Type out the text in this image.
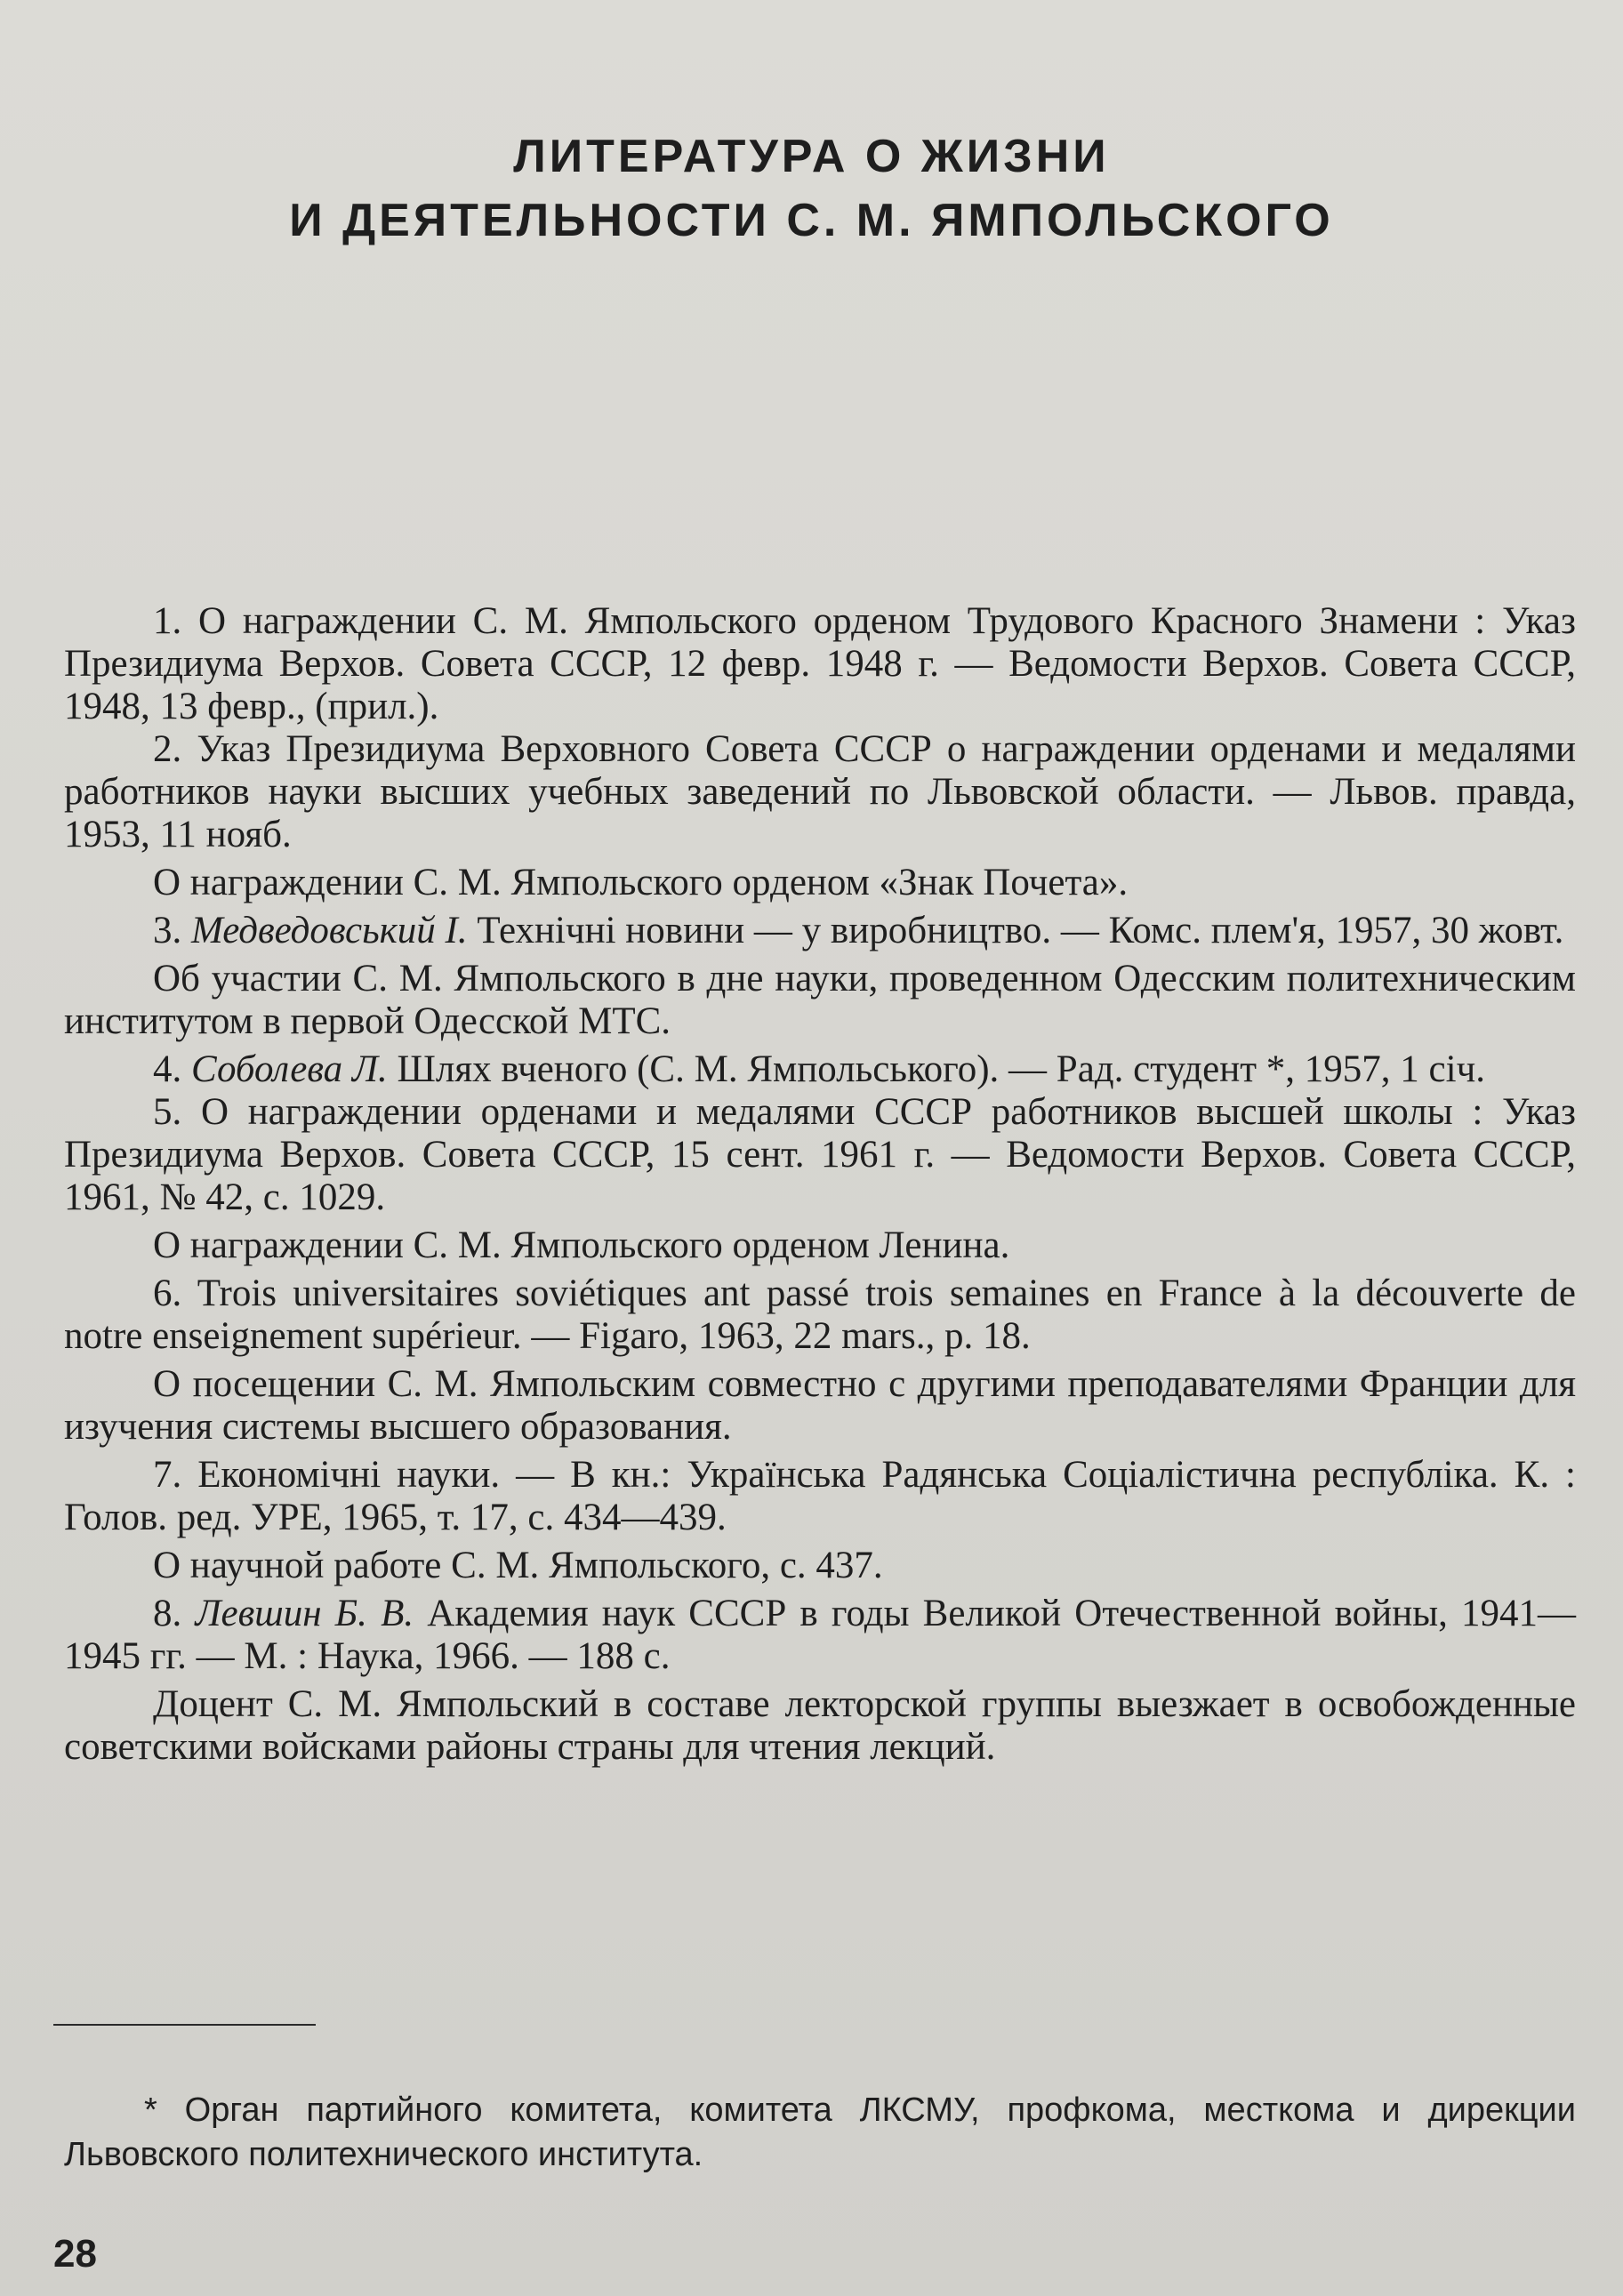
ЛИТЕРАТУРА О ЖИЗНИ
И ДЕЯТЕЛЬНОСТИ С. М. ЯМПОЛЬСКОГО

1. О награждении С. М. Ямпольского орденом Трудового Красного Знамени : Указ Президиума Верхов. Совета СССР, 12 февр. 1948 г. — Ведомости Верхов. Совета СССР, 1948, 13 февр., (прил.).

2. Указ Президиума Верховного Совета СССР о награждении орденами и медалями работников науки высших учебных заведений по Львовской области. — Львов. правда, 1953, 11 нояб.

О награждении С. М. Ямпольского орденом «Знак Почета».

3. Медведовський І. Технічні новини — у виробництво. — Комс. плем'я, 1957, 30 жовт.

Об участии С. М. Ямпольского в дне науки, проведенном Одесским политехническим институтом в первой Одесской МТС.

4. Соболева Л. Шлях вченого (С. М. Ямпольського). — Рад. студент *, 1957, 1 січ.

5. О награждении орденами и медалями СССР работников высшей школы : Указ Президиума Верхов. Совета СССР, 15 сент. 1961 г. — Ведомости Верхов. Совета СССР, 1961, № 42, с. 1029.

О награждении С. М. Ямпольского орденом Ленина.

6. Trois universitaires soviétiques ant passé trois semaines en France à la découverte de notre enseignement supérieur. — Figaro, 1963, 22 mars., p. 18.

О посещении С. М. Ямпольским совместно с другими преподавателями Франции для изучения системы высшего образования.

7. Економічні науки. — В кн.: Українська Радянська Соціалістична республіка. К. : Голов. ред. УРЕ, 1965, т. 17, с. 434—439.

О научной работе С. М. Ямпольского, с. 437.

8. Левшин Б. В. Академия наук СССР в годы Великой Отечественной войны, 1941—1945 гг. — М. : Наука, 1966. — 188 с.

Доцент С. М. Ямпольский в составе лекторской группы выезжает в освобожденные советскими войсками районы страны для чтения лекций.

* Орган партийного комитета, комитета ЛКСМУ, профкома, месткома и дирекции Львовского политехнического института.
28
